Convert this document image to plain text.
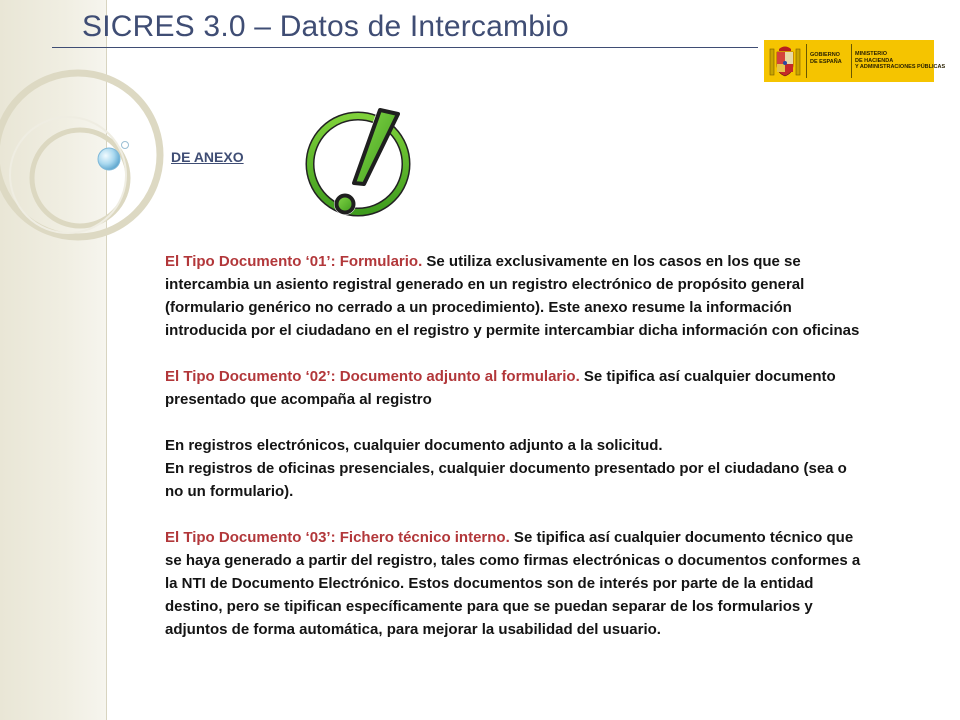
SICRES 3.0 – Datos de Intercambio
GOBIERNO
DE ESPAÑA
MINISTERIO
DE HACIENDA
Y ADMINISTRACIONES PÚBLICAS
DE ANEXO

El Tipo Documento ‘01’: Formulario. Se utiliza exclusivamente en los casos en los que se intercambia un asiento registral generado en un registro electrónico de propósito general (formulario genérico no cerrado a un procedimiento). Este anexo resume la información introducida por el ciudadano en el registro y permite intercambiar dicha información con oficinas

El Tipo Documento ‘02’: Documento adjunto al formulario. Se tipifica así cualquier documento presentado que acompaña al registro

En registros electrónicos, cualquier documento adjunto a la solicitud.

En registros de oficinas presenciales, cualquier documento presentado por el ciudadano (sea o no un formulario).

El Tipo Documento ‘03’: Fichero técnico interno. Se tipifica así cualquier documento técnico que se haya generado a partir del registro, tales como firmas electrónicas o documentos conformes a la NTI de Documento Electrónico. Estos documentos son de interés por parte de la entidad destino, pero se tipifican específicamente para que se puedan separar de los formularios y adjuntos de forma automática, para mejorar la usabilidad del usuario.
